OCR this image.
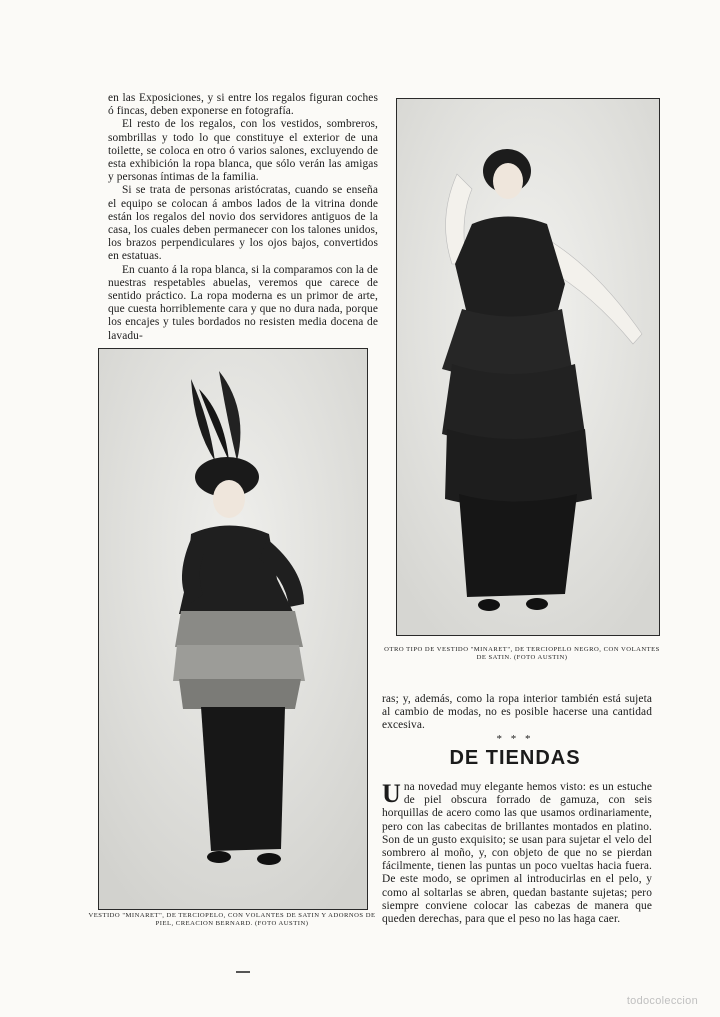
en las Exposiciones, y si entre los regalos figuran coches ó fincas, deben exponerse en fotografía.

El resto de los regalos, con los vestidos, sombreros, sombrillas y todo lo que constituye el exterior de una toilette, se coloca en otro ó varios salones, excluyendo de esta exhibición la ropa blanca, que sólo verán las amigas y personas íntimas de la familia.

Si se trata de personas aristócratas, cuando se enseña el equipo se colocan á ambos lados de la vitrina donde están los regalos del novio dos servidores antiguos de la casa, los cuales deben permanecer con los talones unidos, los brazos perpendiculares y los ojos bajos, convertidos en estatuas.

En cuanto á la ropa blanca, si la comparamos con la de nuestras respetables abuelas, veremos que carece de sentido práctico. La ropa moderna es un primor de arte, que cuesta horriblemente cara y que no dura nada, porque los encajes y tules bordados no resisten media docena de lavadu-

OTRO TIPO DE VESTIDO "MINARET", DE TERCIOPELO NEGRO, CON VOLANTES DE SATIN. (FOTO AUSTIN)
VESTIDO "MINARET", DE TERCIOPELO, CON VOLANTES DE SATIN Y ADORNOS DE PIEL, CREACION BERNARD. (FOTO AUSTIN)

ras; y, además, como la ropa interior también está sujeta al cambio de modas, no es posible hacerse una cantidad excesiva.

* * *
DE TIENDAS

Una novedad muy elegante hemos visto: es un estuche de piel obscura forrado de gamuza, con seis horquillas de acero como las que usamos ordinariamente, pero con las cabecitas de brillantes montados en platino. Son de un gusto exquisito; se usan para sujetar el velo del sombrero al moño, y, con objeto de que no se pierdan fácilmente, tienen las puntas un poco vueltas hacia fuera. De este modo, se oprimen al introducirlas en el pelo, y como al soltarlas se abren, quedan bastante sujetas; pero siempre conviene colocar las cabezas de manera que queden derechas, para que el peso no las haga caer.

todocoleccion
